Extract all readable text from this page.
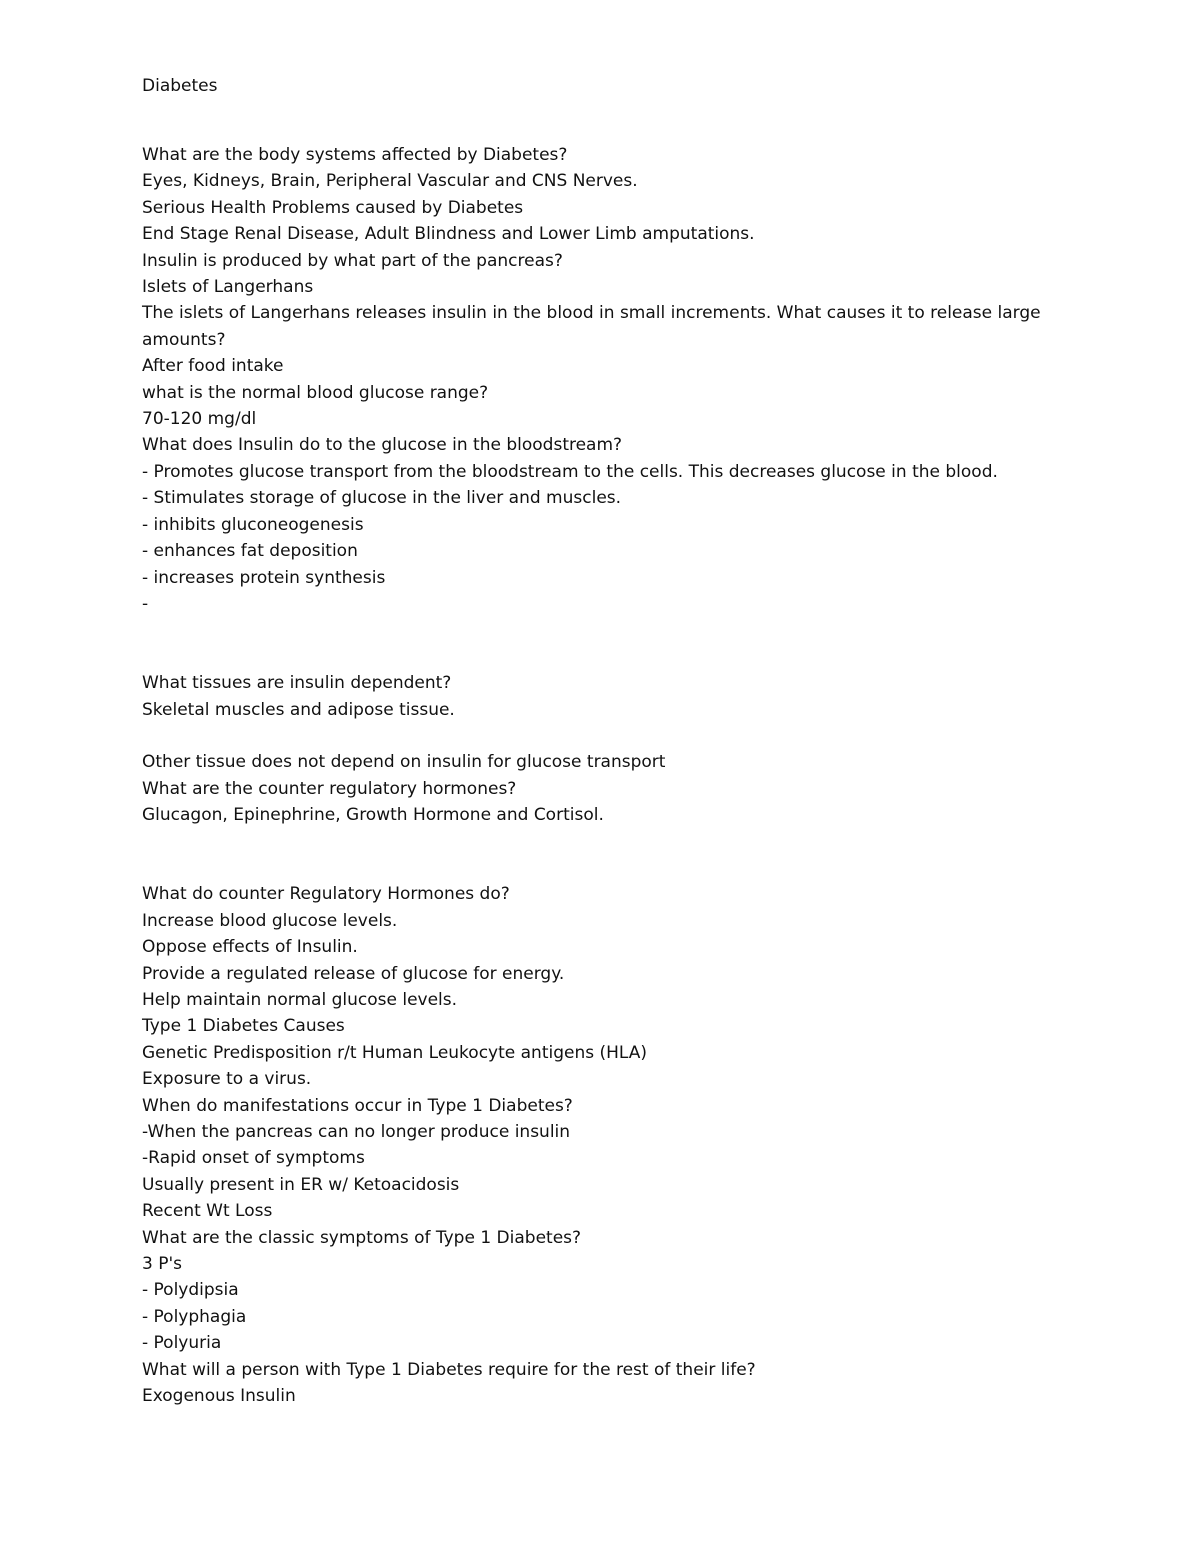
Diabetes
What are the body systems affected by Diabetes?
Eyes, Kidneys, Brain, Peripheral Vascular and CNS Nerves.
Serious Health Problems caused by Diabetes
End Stage Renal Disease, Adult Blindness and Lower Limb amputations.
Insulin is produced by what part of the pancreas?
Islets of Langerhans
The islets of Langerhans releases insulin in the blood in small increments. What causes it to release large amounts?
After food intake
what is the normal blood glucose range?
70-120 mg/dl
What does Insulin do to the glucose in the bloodstream?
- Promotes glucose transport from the bloodstream to the cells. This decreases glucose in the blood.
- Stimulates storage of glucose in the liver and muscles.
- inhibits gluconeogenesis
- enhances fat deposition
- increases protein synthesis
-
What tissues are insulin dependent?
Skeletal muscles and adipose tissue.
Other tissue does not depend on insulin for glucose transport
What are the counter regulatory hormones?
Glucagon, Epinephrine, Growth Hormone and Cortisol.
What do counter Regulatory Hormones do?
Increase blood glucose levels.
Oppose effects of Insulin.
Provide a regulated release of glucose for energy.
Help maintain normal glucose levels.
Type 1 Diabetes Causes
Genetic Predisposition r/t Human Leukocyte antigens (HLA)
Exposure to a virus.
When do manifestations occur in Type 1 Diabetes?
-When the pancreas can no longer produce insulin
-Rapid onset of symptoms
Usually present in ER w/ Ketoacidosis
Recent Wt Loss
What are the classic symptoms of Type 1 Diabetes?
3 P's
- Polydipsia
- Polyphagia
- Polyuria
What will a person with Type 1 Diabetes require for the rest of their life?
Exogenous Insulin
